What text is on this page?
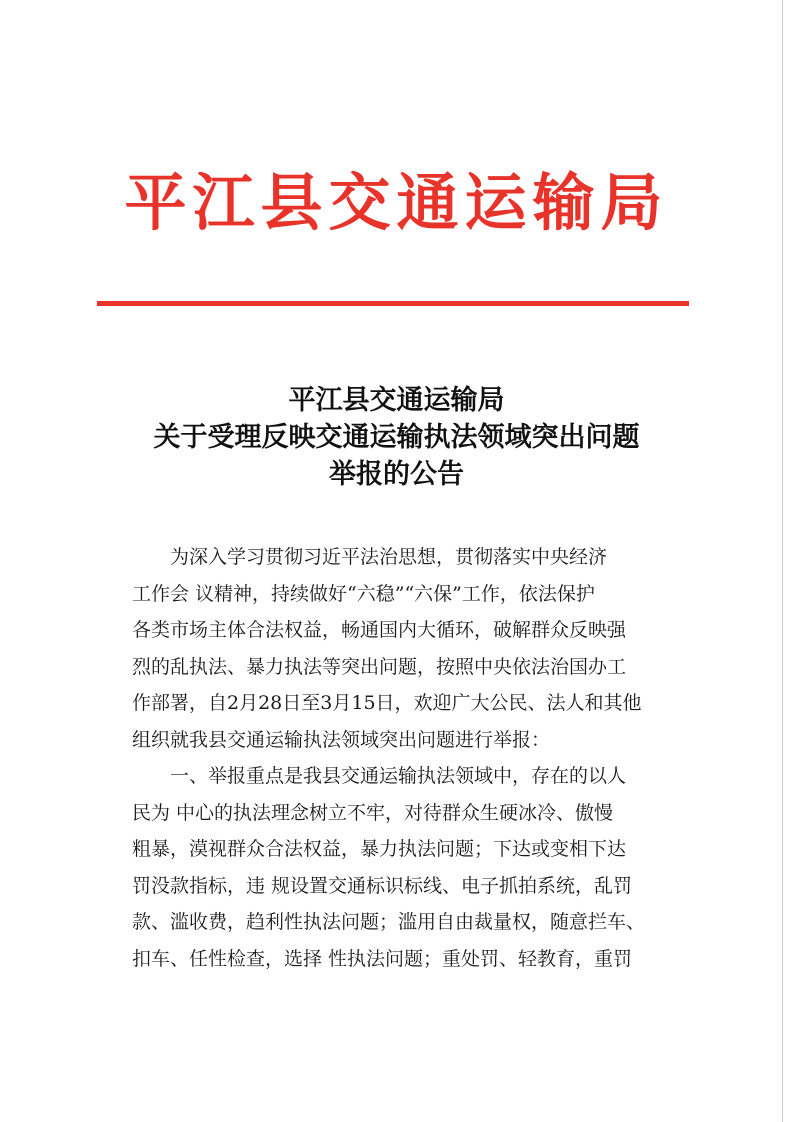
平江县交通运输局
平江县交通运输局
关于受理反映交通运输执法领域突出问题
举报的公告
为深入学习贯彻习近平法治思想，贯彻落实中央经济
工作会 议精神，持续做好“六稳”“六保”工作，依法保护
各类市场主体合法权益，畅通国内大循环，破解群众反映强
烈的乱执法、暴力执法等突出问题，按照中央依法治国办工
作部署，自2月28日至3月15日，欢迎广大公民、法人和其他
组织就我县交通运输执法领域突出问题进行举报：
一、举报重点是我县交通运输执法领域中，存在的以人
民为 中心的执法理念树立不牢，对待群众生硬冰冷、傲慢
粗暴，漠视群众合法权益，暴力执法问题；下达或变相下达
罚没款指标，违 规设置交通标识标线、电子抓拍系统，乱罚
款、滥收费，趋利性执法问题；滥用自由裁量权，随意拦车、
扣车、任性检查，选择 性执法问题；重处罚、轻教育，重罚
